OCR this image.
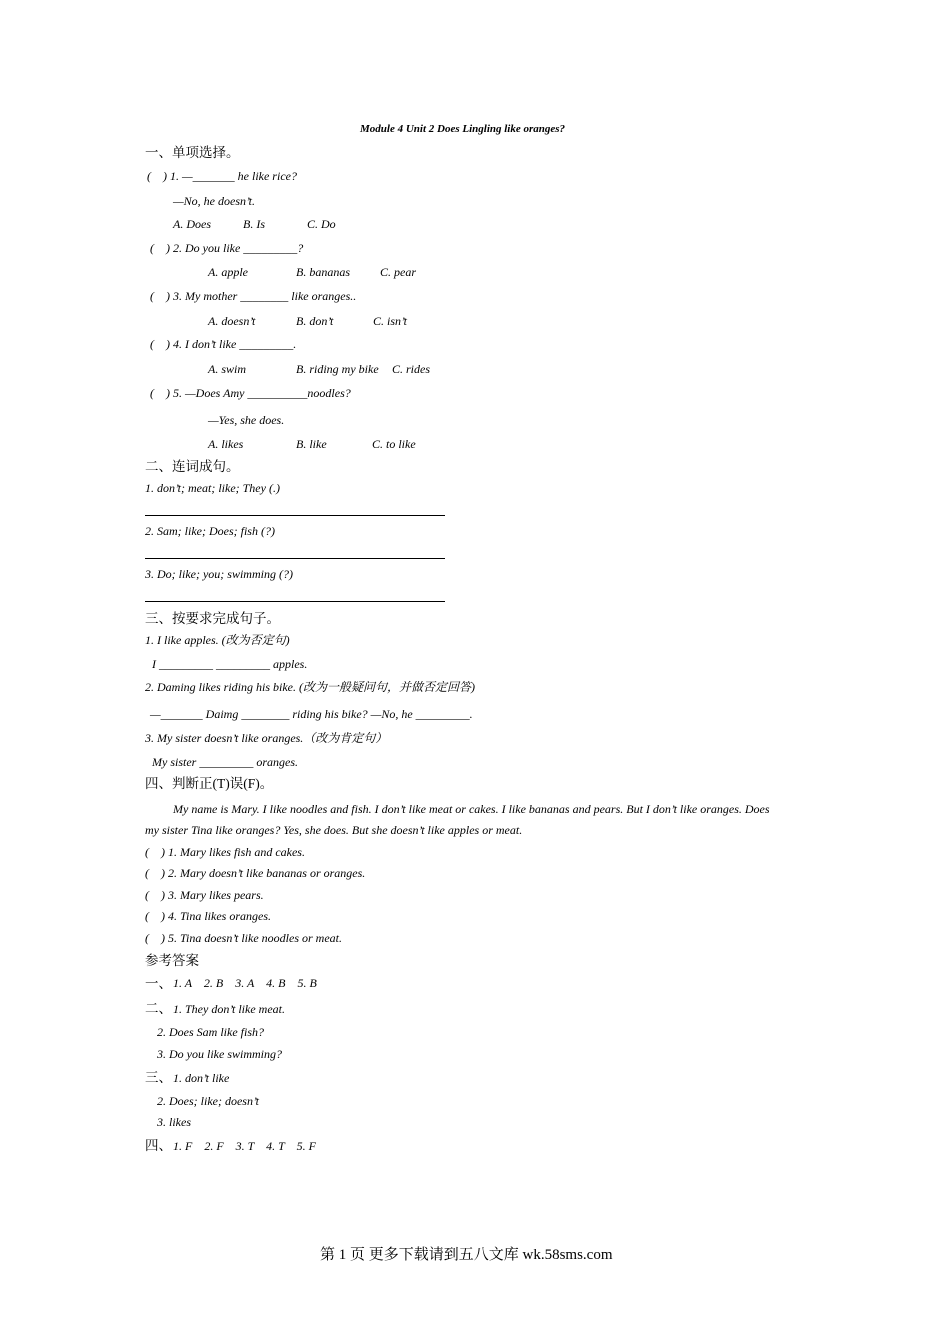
Module 4 Unit 2 Does Lingling like oranges?
一、单项选择。
(　) 1. —_______ he like rice?
—No, he doesn’t.
A. Does	B. Is	C. Do
(　) 2. Do you like _________?
A. apple	B. bananas	C. pear
(　) 3. My mother ________ like oranges..
A. doesn’t	B. don’t	C. isn’t
(　) 4. I don’t like _________.
A. swim	B. riding my bike C. rides
(　) 5. —Does Amy __________noodles?
—Yes, she does.
A. likes	B. like	C. to like
二、连词成句。
1. don’t; meat; like; They (.)
2. Sam; like; Does; fish (?)
3. Do; like; you; swimming (?)
三、按要求完成句子。
1. I like apples. (改为否定句)
I _________ _________ apples.
2. Daming likes riding his bike. (改为一般疑问句，并做否定回答)
—_______ Daimg ________ riding his bike? —No, he _________.
3. My sister doesn’t like oranges.（改为肯定句）
My sister _________ oranges.
四、判断正(T)误(F)。
My name is Mary. I like noodles and fish. I don’t like meat or cakes. I like bananas and pears. But I don’t like oranges. Does
my sister Tina like oranges? Yes, she does. But she doesn’t like apples or meat.
(　) 1. Mary likes fish and cakes.
(　) 2. Mary doesn’t like bananas or oranges.
(　) 3. Mary likes pears.
(　) 4. Tina likes oranges.
(　) 5. Tina doesn’t like noodles or meat.
参考答案
一、 1. A　2. B　3. A　4. B　5. B
二、 1. They don’t like meat.
2. Does Sam like fish?
3. Do you like swimming?
三、 1. don’t like
2. Does; like; doesn’t
3. likes
四、 1. F　2. F　3. T　4. T　5. F
第 1 页 更多下载请到五八文库 wk.58sms.com
